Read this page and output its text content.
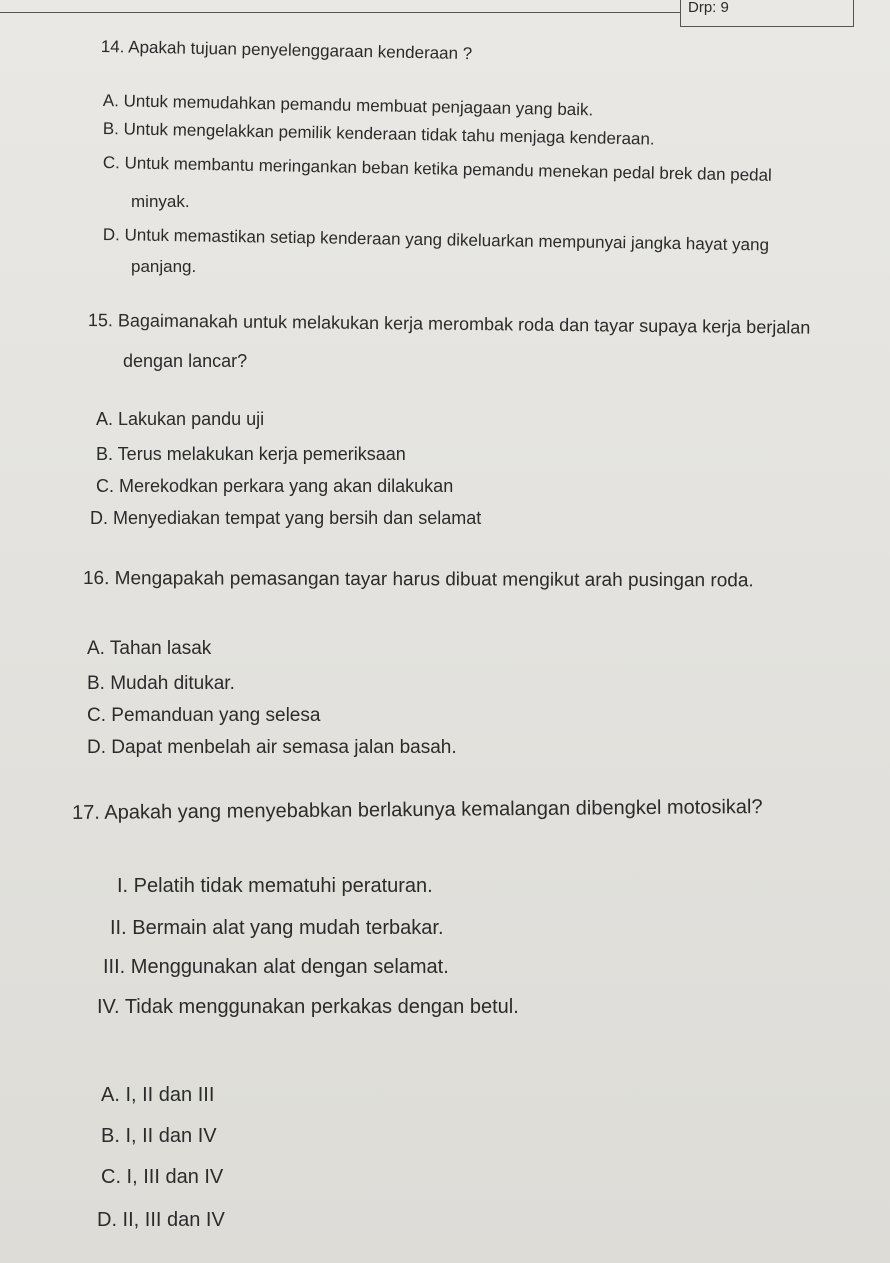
Drp: 9
14. Apakah tujuan penyelenggaraan kenderaan ?
A. Untuk memudahkan pemandu membuat penjagaan yang baik.
B. Untuk mengelakkan pemilik kenderaan tidak tahu menjaga kenderaan.
C. Untuk membantu meringankan beban ketika pemandu menekan pedal brek dan pedal
minyak.
D. Untuk memastikan setiap kenderaan yang dikeluarkan mempunyai jangka hayat yang
panjang.
15. Bagaimanakah untuk melakukan kerja merombak roda dan tayar supaya kerja berjalan
dengan lancar?
A. Lakukan pandu uji
B. Terus melakukan kerja pemeriksaan
C. Merekodkan perkara yang akan dilakukan
D. Menyediakan tempat yang bersih dan selamat
16. Mengapakah pemasangan tayar harus dibuat mengikut arah pusingan roda.
A. Tahan lasak
B. Mudah ditukar.
C. Pemanduan yang selesa
D. Dapat menbelah air semasa jalan basah.
17. Apakah yang menyebabkan berlakunya kemalangan dibengkel motosikal?
I. Pelatih tidak mematuhi peraturan.
II. Bermain alat yang mudah terbakar.
III. Menggunakan alat dengan selamat.
IV. Tidak menggunakan perkakas dengan betul.
A. I, II dan III
B. I, II dan IV
C. I, III dan IV
D. II, III dan IV
